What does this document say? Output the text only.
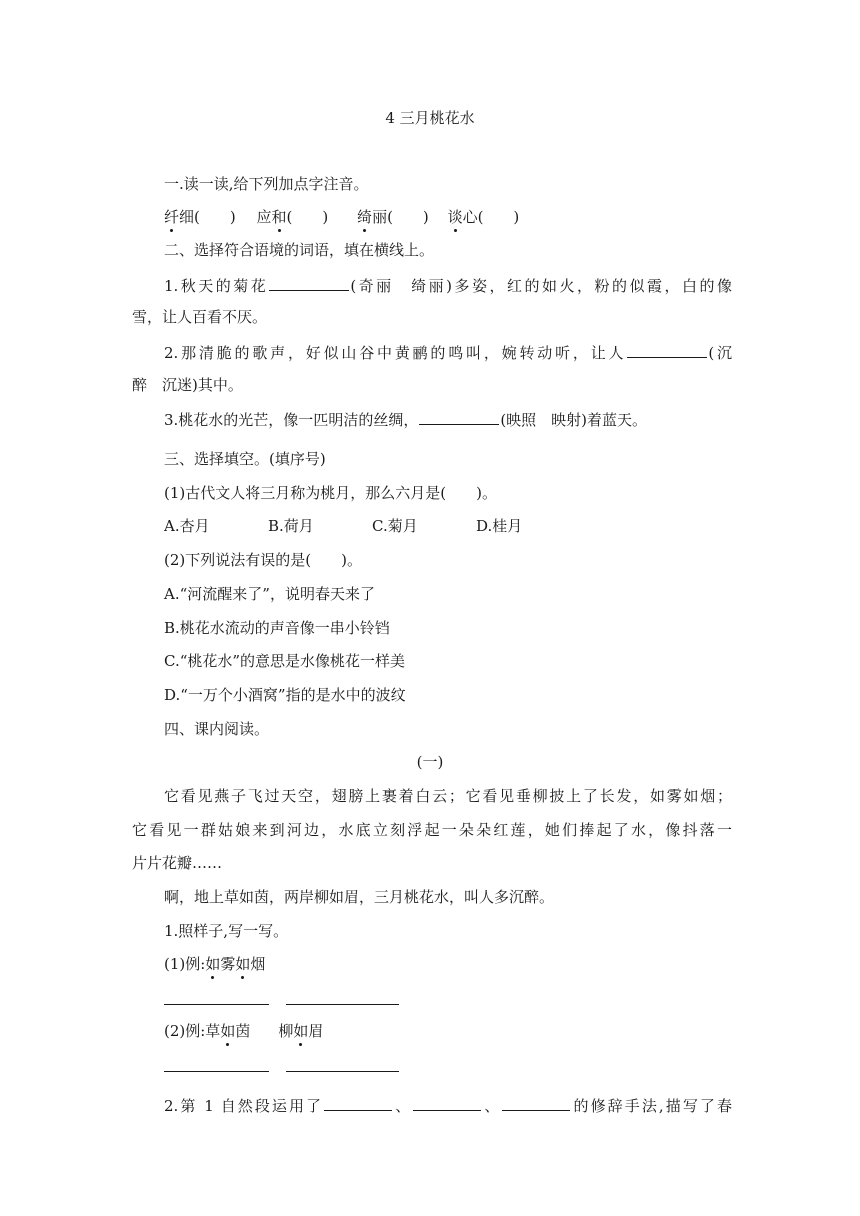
4 三月桃花水
一.读一读,给下列加点字注音。
纤细(　　) 应和(　　) 绮丽(　　) 谈心(　　)
二、选择符合语境的词语，填在横线上。
1.秋天的菊花	(奇丽　绮丽)多姿，红的如火，粉的似霞，白的像
雪，让人百看不厌。
2.那清脆的歌声，好似山谷中黄鹂的鸣叫，婉转动听，让人	(沉
醉　沉迷)其中。
3.桃花水的光芒，像一匹明洁的丝绸，	(映照　映射)着蓝天。
三、选择填空。(填序号)
(1)古代文人将三月称为桃月，那么六月是(　　)。
A.杏月	B.荷月	C.菊月	D.桂月
(2)下列说法有误的是(　　)。
A.“河流醒来了”，说明春天来了
B.桃花水流动的声音像一串小铃铛
C.“桃花水”的意思是水像桃花一样美
D.“一万个小酒窝”指的是水中的波纹
四、课内阅读。
(一)
它看见燕子飞过天空，翅膀上裹着白云；它看见垂柳披上了长发，如雾如烟；
它看见一群姑娘来到河边，水底立刻浮起一朵朵红莲，她们捧起了水，像抖落一
片片花瓣……
啊，地上草如茵，两岸柳如眉，三月桃花水，叫人多沉醉。
1.照样子,写一写。
(1)例:如雾如烟
(2)例:草如茵 柳如眉
2.第 1 自然段运用了	、	、	的修辞手法,描写了春
